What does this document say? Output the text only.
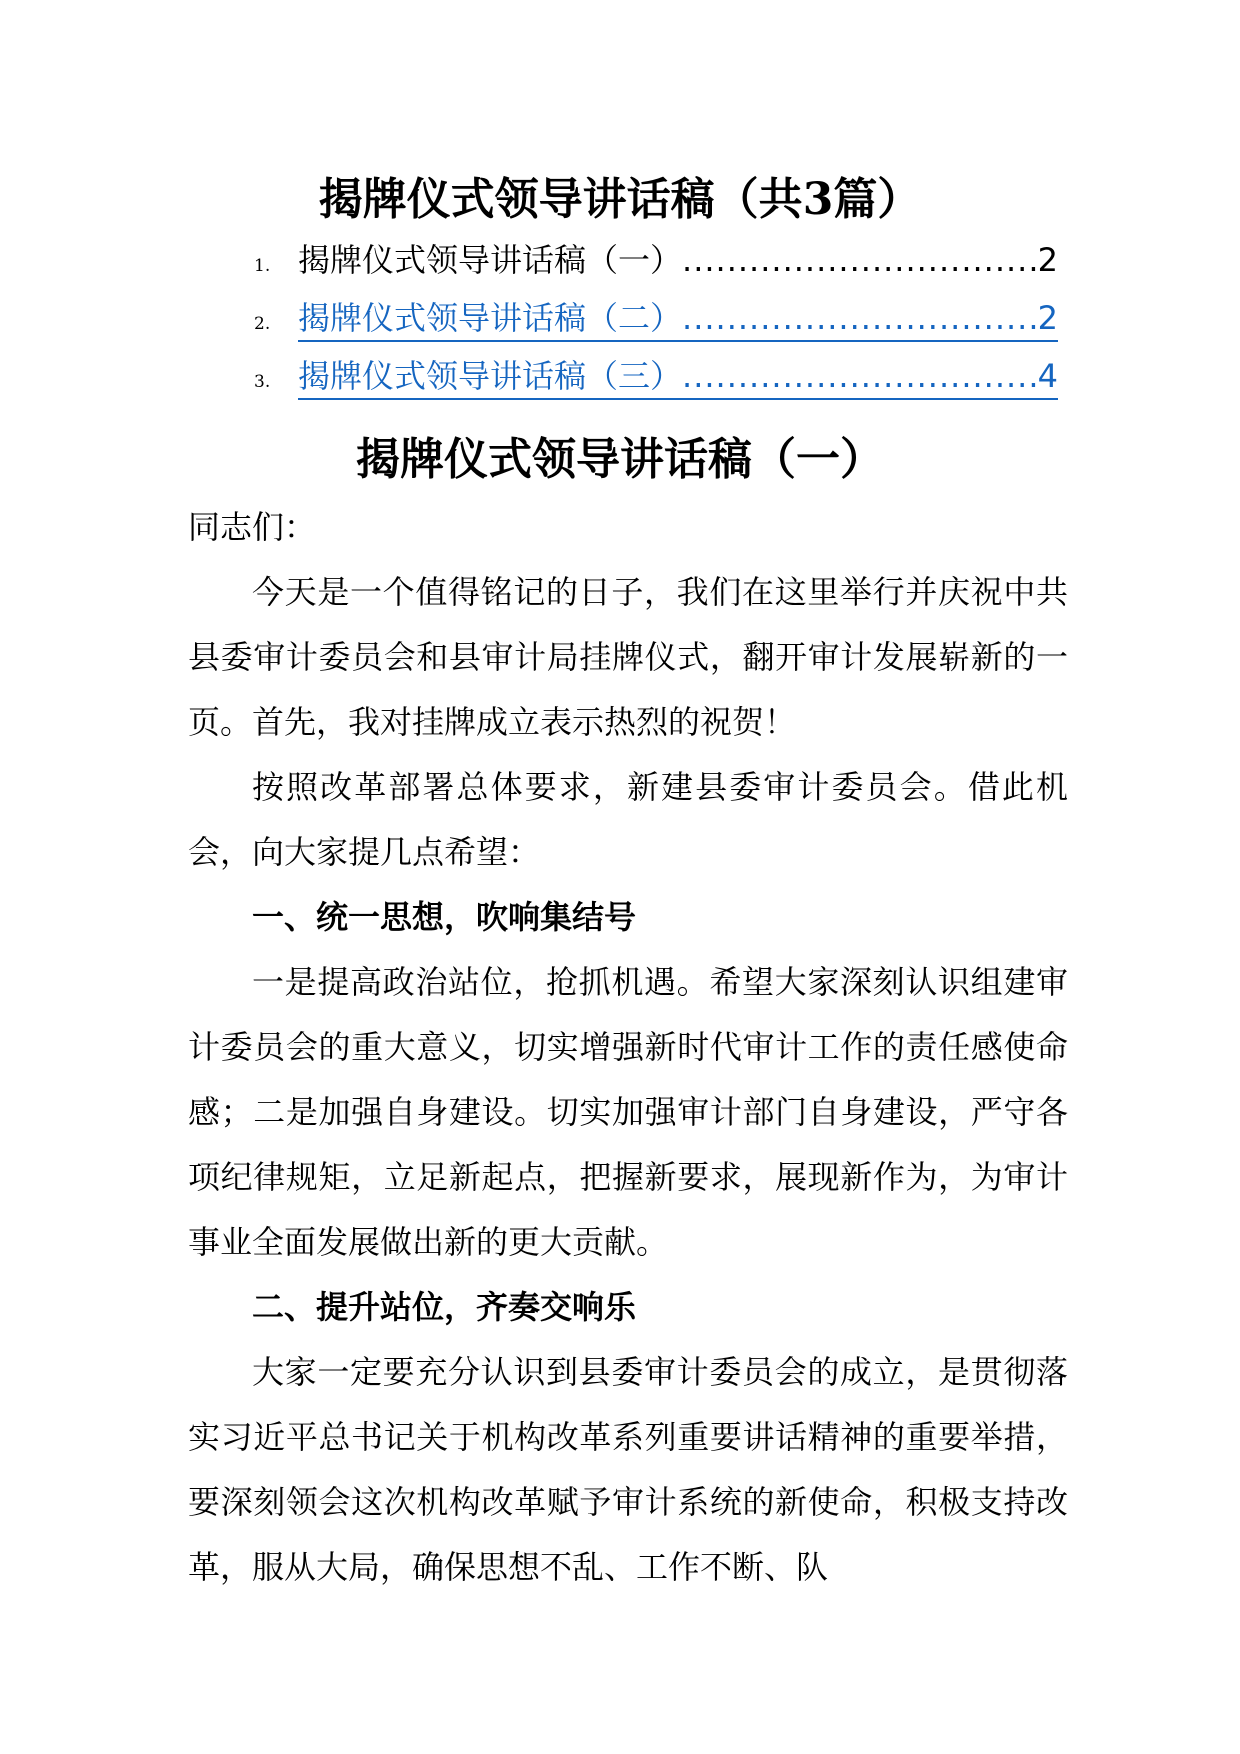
揭牌仪式领导讲话稿（共3篇）
1. 揭牌仪式领导讲话稿（一） .....	2
2. 揭牌仪式领导讲话稿（二） .....	2
3. 揭牌仪式领导讲话稿（三） .....	4
揭牌仪式领导讲话稿（一）

同志们：

今天是一个值得铭记的日子，我们在这里举行并庆祝中共县委审计委员会和县审计局挂牌仪式，翻开审计发展崭新的一页。首先，我对挂牌成立表示热烈的祝贺！

按照改革部署总体要求，新建县委审计委员会。借此机会，向大家提几点希望：

一、统一思想，吹响集结号

一是提高政治站位，抢抓机遇。希望大家深刻认识组建审计委员会的重大意义，切实增强新时代审计工作的责任感使命感；二是加强自身建设。切实加强审计部门自身建设，严守各项纪律规矩，立足新起点，把握新要求，展现新作为，为审计事业全面发展做出新的更大贡献。

二、提升站位，齐奏交响乐

大家一定要充分认识到县委审计委员会的成立，是贯彻落实习近平总书记关于机构改革系列重要讲话精神的重要举措，要深刻领会这次机构改革赋予审计系统的新使命，积极支持改革，服从大局，确保思想不乱、工作不断、队
